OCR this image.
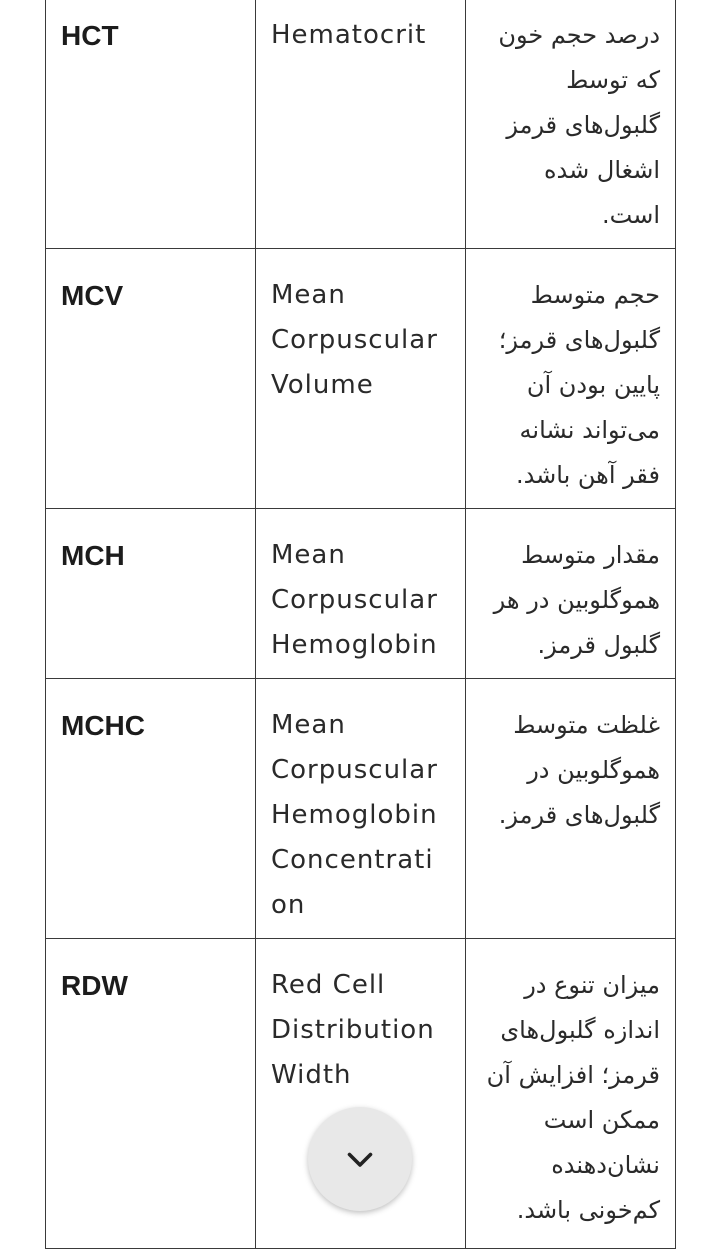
HCT	Hematocrit	درصد حجم خون که توسط گلبول‌های قرمز اشغال شده است.
MCV	Mean Corpuscular Volume	حجم متوسط گلبول‌های قرمز؛ پایین بودن آن می‌تواند نشانه فقر آهن باشد.
MCH	Mean Corpuscular Hemoglobin	مقدار متوسط هموگلوبین در هر گلبول قرمز.
MCHC	Mean Corpuscular Hemoglobin Concentration	غلظت متوسط هموگلوبین در گلبول‌های قرمز.
RDW	Red Cell Distribution Width	میزان تنوع در اندازه گلبول‌های قرمز؛ افزایش آن ممکن است نشان‌دهنده کم‌خونی باشد.
